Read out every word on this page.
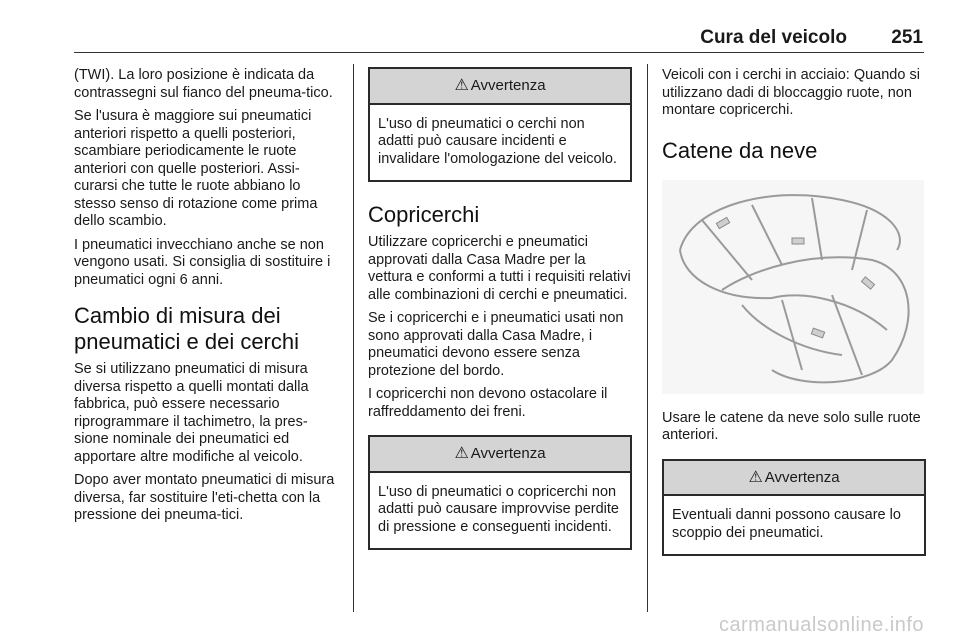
Cura del veicolo 251

(TWI). La loro posizione è indicata da contrassegni sul fianco del pneuma-tico.

Se l'usura è maggiore sui pneumatici anteriori rispetto a quelli posteriori, scambiare periodicamente le ruote anteriori con quelle posteriori. Assi-curarsi che tutte le ruote abbiano lo stesso senso di rotazione come prima dello scambio.

I pneumatici invecchiano anche se non vengono usati. Si consiglia di sostituire i pneumatici ogni 6 anni.

Cambio di misura dei pneumatici e dei cerchi

Se si utilizzano pneumatici di misura diversa rispetto a quelli montati dalla fabbrica, può essere necessario riprogrammare il tachimetro, la pres-sione nominale dei pneumatici ed apportare altre modifiche al veicolo.

Dopo aver montato pneumatici di misura diversa, far sostituire l'eti-chetta con la pressione dei pneuma-tici.

⚠ Avvertenza
L'uso di pneumatici o cerchi non adatti può causare incidenti e invalidare l'omologazione del veicolo.
Copricerchi

Utilizzare copricerchi e pneumatici approvati dalla Casa Madre per la vettura e conformi a tutti i requisiti relativi alle combinazioni di cerchi e pneumatici.

Se i copricerchi e i pneumatici usati non sono approvati dalla Casa Madre, i pneumatici devono essere senza protezione del bordo.

I copricerchi non devono ostacolare il raffreddamento dei freni.

⚠ Avvertenza
L'uso di pneumatici o copricerchi non adatti può causare improvvise perdite di pressione e conseguenti incidenti.

Veicoli con i cerchi in acciaio: Quando si utilizzano dadi di bloccaggio ruote, non montare copricerchi.

Catene da neve

Usare le catene da neve solo sulle ruote anteriori.

⚠ Avvertenza
Eventuali danni possono causare lo scoppio dei pneumatici.
carmanualsonline.info
